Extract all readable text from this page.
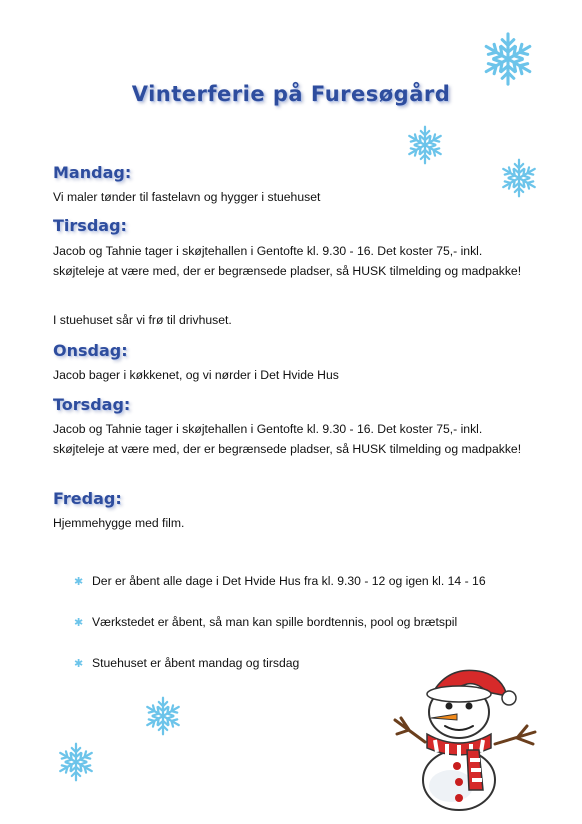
Vinterferie på Furesøgård
Mandag:
Vi maler tønder til fastelavn og hygger i stuehuset
Tirsdag:
Jacob og Tahnie tager i skøjtehallen i Gentofte kl. 9.30 - 16. Det koster 75,- inkl. skøjteleje at være med, der er begrænsede pladser, så HUSK tilmelding og madpakke!
I stuehuset sår vi frø til drivhuset.
Onsdag:
Jacob bager i køkkenet, og vi nørder i Det Hvide Hus
Torsdag:
Jacob og Tahnie tager i skøjtehallen i Gentofte kl. 9.30 - 16. Det koster 75,- inkl. skøjteleje at være med, der er begrænsede pladser, så HUSK tilmelding og madpakke!
Fredag:
Hjemmehygge med film.
✱ Der er åbent alle dage i Det Hvide Hus fra kl. 9.30 - 12 og igen kl. 14 - 16
✱ Værkstedet er åbent, så man kan spille bordtennis, pool og brætspil
✱ Stuehuset er åbent mandag og tirsdag
